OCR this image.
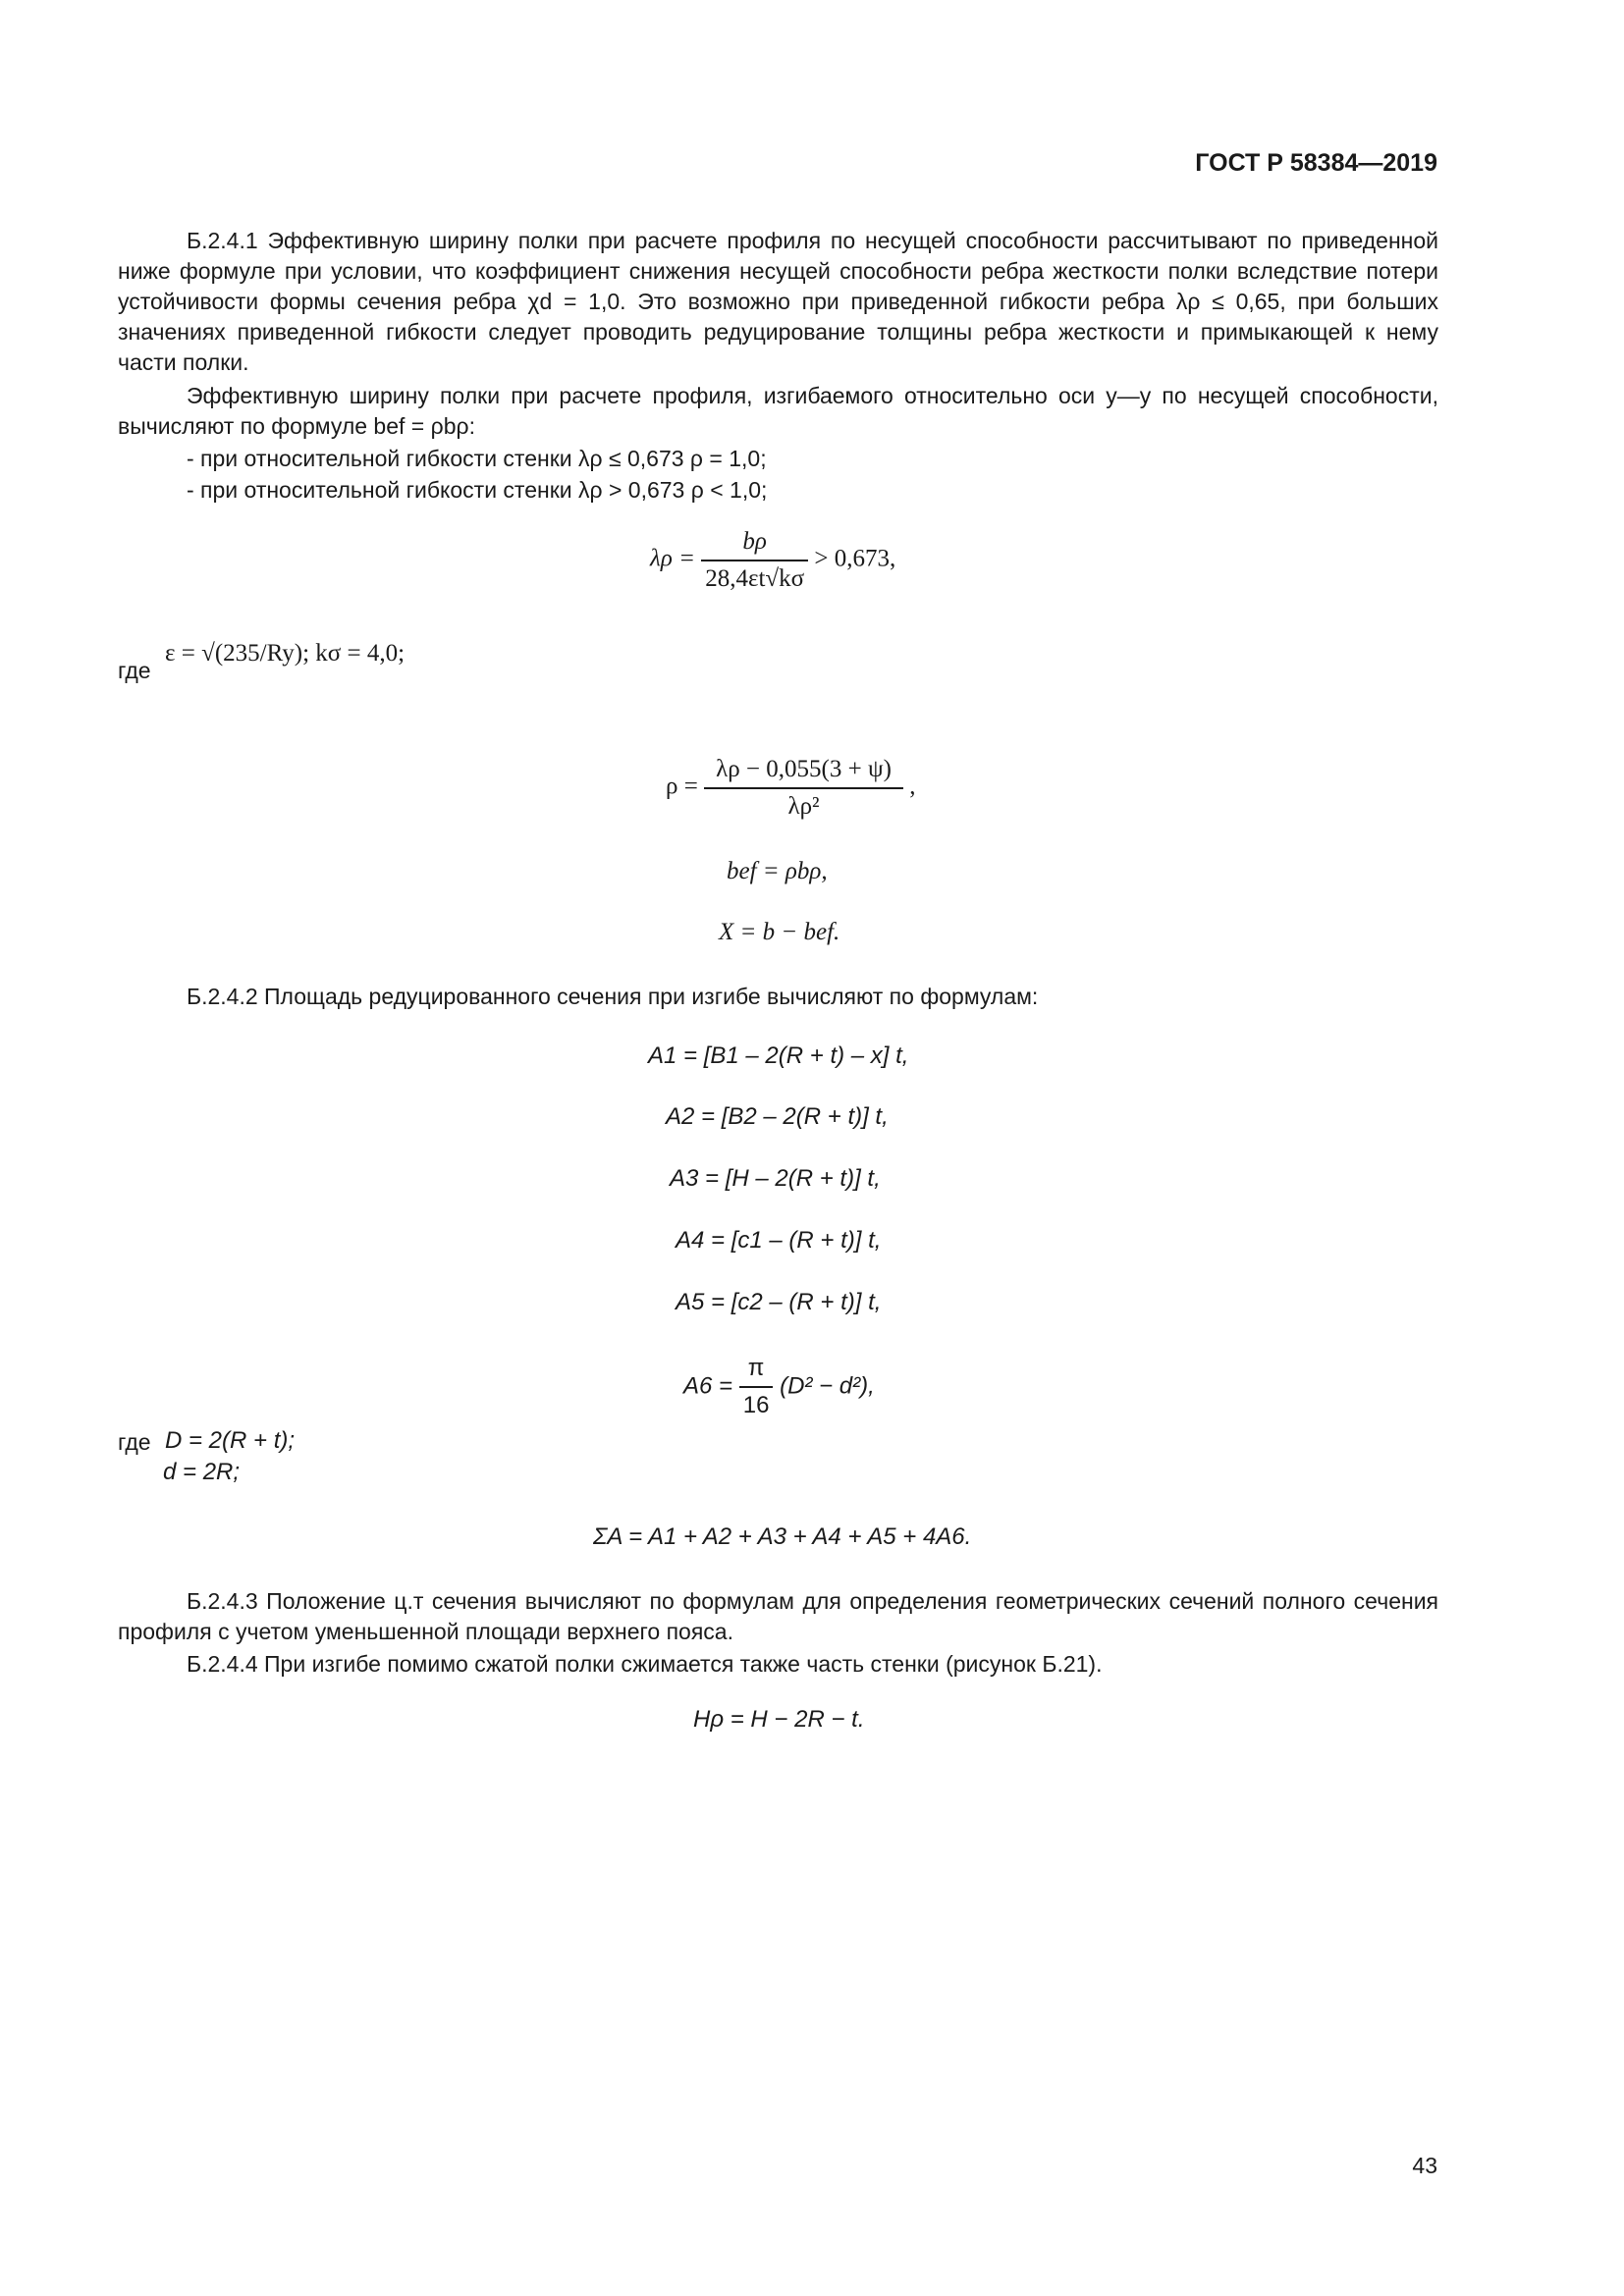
ГОСТ Р 58384—2019

Б.2.4.1 Эффективную ширину полки при расчете профиля по несущей способности рассчитывают по приведенной ниже формуле при условии, что коэффициент снижения несущей способности ребра жесткости полки вследствие потери устойчивости формы сечения ребра χd = 1,0. Это возможно при приведенной гибкости ребра λρ ≤ 0,65, при больших значениях приведенной гибкости следует проводить редуцирование толщины ребра жесткости и примыкающей к нему части полки.

Эффективную ширину полки при расчете профиля, изгибаемого относительно оси y—y по несущей способности, вычисляют по формуле bef = ρbρ:

- при относительной гибкости стенки λρ ≤ 0,673 ρ = 1,0;
- при относительной гибкости стенки λρ > 0,673 ρ < 1,0;
$\lambda\rho = \frac{b\rho}{28,4\varepsilon t√k\sigma} > 0,673$,
где
ε = √(235/Ry); kσ = 4,0;
$\rho = \frac{\lambda\rho - 0,055(3 + \psi)}{\text{λρ²}}$ ,
bef = ρbρ,
X = b − bef.

Б.2.4.2 Площадь редуцированного сечения при изгибе вычисляют по формулам:

A1 = [B1 – 2(R + t) – x] t,
A2 = [B2 – 2(R + t)] t,
A3 = [H – 2(R + t)] t,
A4 = [c1 – (R + t)] t,
A5 = [c2 – (R + t)] t,
$A6 = \frac{\pi}{16} (D^2 - d^2)$,
где D = 2(R + t);
d = 2R;
ΣA = A1 + A2 + A3 + A4 + A5 + 4A6.

Б.2.4.3 Положение ц.т сечения вычисляют по формулам для определения геометрических сечений полного сечения профиля с учетом уменьшенной площади верхнего пояса.

Б.2.4.4 При изгибе помимо сжатой полки сжимается также часть стенки (рисунок Б.21).

Hρ = H − 2R − t.
43
